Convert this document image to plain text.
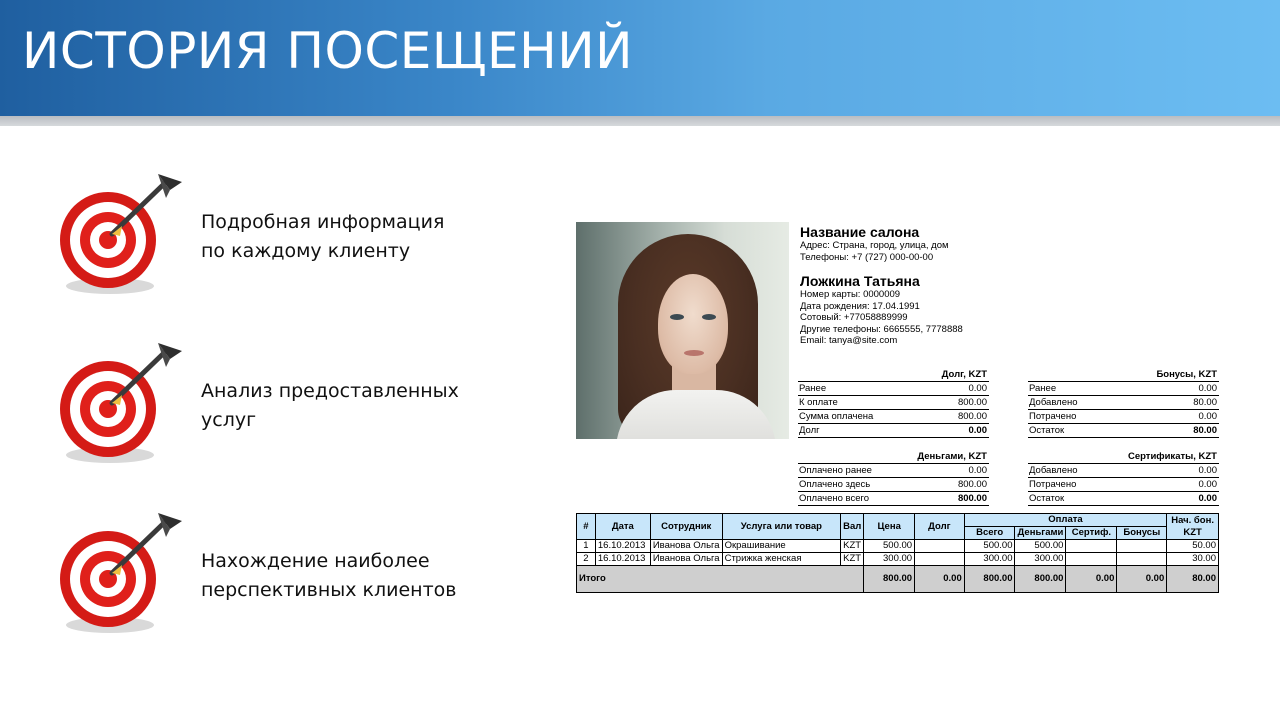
ИСТОРИЯ ПОСЕЩЕНИЙ
Подробная информация
по каждому клиенту
Анализ предоставленных
услуг
Нахождение наиболее
перспективных клиентов
Название салона
Адрес: Страна, город, улица, дом
Телефоны: +7 (727) 000-00-00
Ложкина Татьяна
Номер карты: 0000009
Дата рождения: 17.04.1991
Сотовый: +77058889999
Другие телефоны: 6665555, 7778888
Email: tanya@site.com
Долг, KZT
Ранее	0.00
К оплате	800.00
Сумма оплачена	800.00
Долг	0.00
Бонусы, KZT
Ранее	0.00
Добавлено	80.00
Потрачено	0.00
Остаток	80.00
Деньгами, KZT
Оплачено ранее	0.00
Оплачено здесь	800.00
Оплачено всего	800.00
Сертификаты, KZT
Добавлено	0.00
Потрачено	0.00
Остаток	0.00
#	Дата	Сотрудник	Услуга или товар	Вал	Цена	Долг	Оплата				Нач. бон. KZT
							Всего	Деньгами	Сертиф.	Бонусы	
1	16.10.2013	Иванова Ольга	Окрашивание	KZT	500.00		500.00	500.00			50.00
2	16.10.2013	Иванова Ольга	Стрижка женская	KZT	300.00		300.00	300.00			30.00
Итого					800.00	0.00	800.00	800.00	0.00	0.00	80.00
